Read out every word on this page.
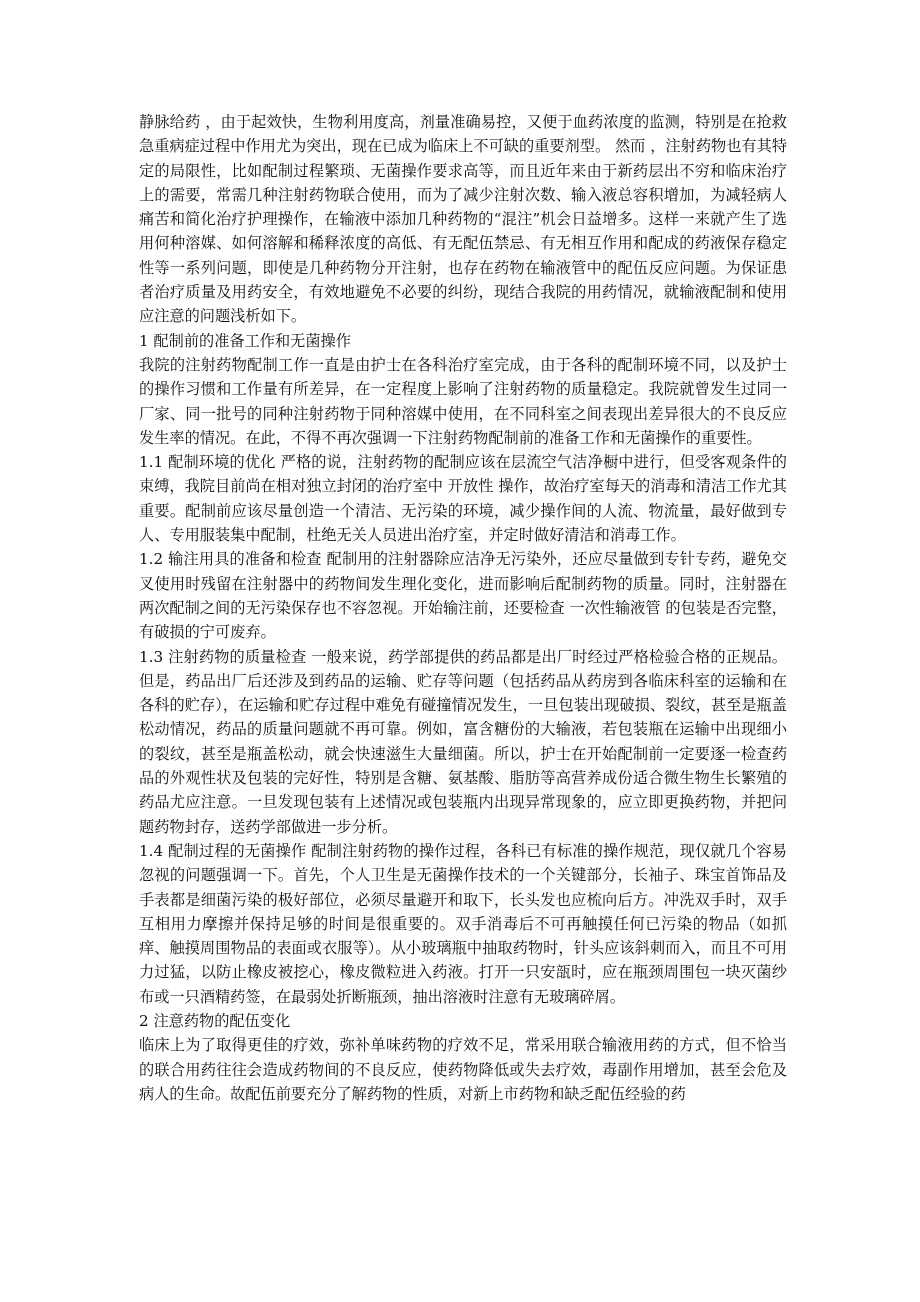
静脉给药 ，由于起效快，生物利用度高，剂量准确易控，又便于血药浓度的监测，特别是在抢救急重病症过程中作用尤为突出，现在已成为临床上不可缺的重要剂型。 然而 ，注射药物也有其特定的局限性，比如配制过程繁琐、无菌操作要求高等，而且近年来由于新药层出不穷和临床治疗上的需要，常需几种注射药物联合使用，而为了减少注射次数、输入液总容积增加，为减轻病人痛苦和简化治疗护理操作，在输液中添加几种药物的“混注”机会日益增多。这样一来就产生了选用何种溶媒、如何溶解和稀释浓度的高低、有无配伍禁忌、有无相互作用和配成的药液保存稳定性等一系列问题，即使是几种药物分开注射，也存在药物在输液管中的配伍反应问题。为保证患者治疗质量及用药安全，有效地避免不必要的纠纷，现结合我院的用药情况，就输液配制和使用应注意的问题浅析如下。

1 配制前的准备工作和无菌操作

我院的注射药物配制工作一直是由护士在各科治疗室完成，由于各科的配制环境不同，以及护士的操作习惯和工作量有所差异，在一定程度上影响了注射药物的质量稳定。我院就曾发生过同一厂家、同一批号的同种注射药物于同种溶媒中使用，在不同科室之间表现出差异很大的不良反应发生率的情况。在此，不得不再次强调一下注射药物配制前的准备工作和无菌操作的重要性。

1.1 配制环境的优化 严格的说，注射药物的配制应该在层流空气洁净橱中进行，但受客观条件的束缚，我院目前尚在相对独立封闭的治疗室中 开放性 操作，故治疗室每天的消毒和清洁工作尤其重要。配制前应该尽量创造一个清洁、无污染的环境，减少操作间的人流、物流量，最好做到专人、专用服装集中配制，杜绝无关人员进出治疗室，并定时做好清洁和消毒工作。

1.2 输注用具的准备和检查 配制用的注射器除应洁净无污染外，还应尽量做到专针专药，避免交叉使用时残留在注射器中的药物间发生理化变化，进而影响后配制药物的质量。同时，注射器在两次配制之间的无污染保存也不容忽视。开始输注前，还要检查 一次性输液管 的包装是否完整，有破损的宁可废弃。

1.3 注射药物的质量检查 一般来说，药学部提供的药品都是出厂时经过严格检验合格的正规品。但是，药品出厂后还涉及到药品的运输、贮存等问题（包括药品从药房到各临床科室的运输和在各科的贮存），在运输和贮存过程中难免有碰撞情况发生，一旦包装出现破损、裂纹，甚至是瓶盖松动情况，药品的质量问题就不再可靠。例如，富含糖份的大输液，若包装瓶在运输中出现细小的裂纹，甚至是瓶盖松动，就会快速滋生大量细菌。所以，护士在开始配制前一定要逐一检查药品的外观性状及包装的完好性，特别是含糖、氨基酸、脂肪等高营养成份适合微生物生长繁殖的药品尤应注意。一旦发现包装有上述情况或包装瓶内出现异常现象的，应立即更换药物，并把问题药物封存，送药学部做进一步分析。

1.4 配制过程的无菌操作 配制注射药物的操作过程，各科已有标准的操作规范，现仅就几个容易忽视的问题强调一下。首先，个人卫生是无菌操作技术的一个关键部分，长袖子、珠宝首饰品及手表都是细菌污染的极好部位，必须尽量避开和取下，长头发也应梳向后方。冲洗双手时，双手互相用力摩擦并保持足够的时间是很重要的。双手消毒后不可再触摸任何已污染的物品（如抓痒、触摸周围物品的表面或衣服等）。从小玻璃瓶中抽取药物时，针头应该斜刺而入，而且不可用力过猛，以防止橡皮被挖心，橡皮微粒进入药液。打开一只安瓿时，应在瓶颈周围包一块灭菌纱布或一只酒精药签，在最弱处折断瓶颈，抽出溶液时注意有无玻璃碎屑。

2 注意药物的配伍变化

临床上为了取得更佳的疗效，弥补单味药物的疗效不足，常采用联合输液用药的方式，但不恰当的联合用药往往会造成药物间的不良反应，使药物降低或失去疗效，毒副作用增加，甚至会危及病人的生命。故配伍前要充分了解药物的性质，对新上市药物和缺乏配伍经验的药
